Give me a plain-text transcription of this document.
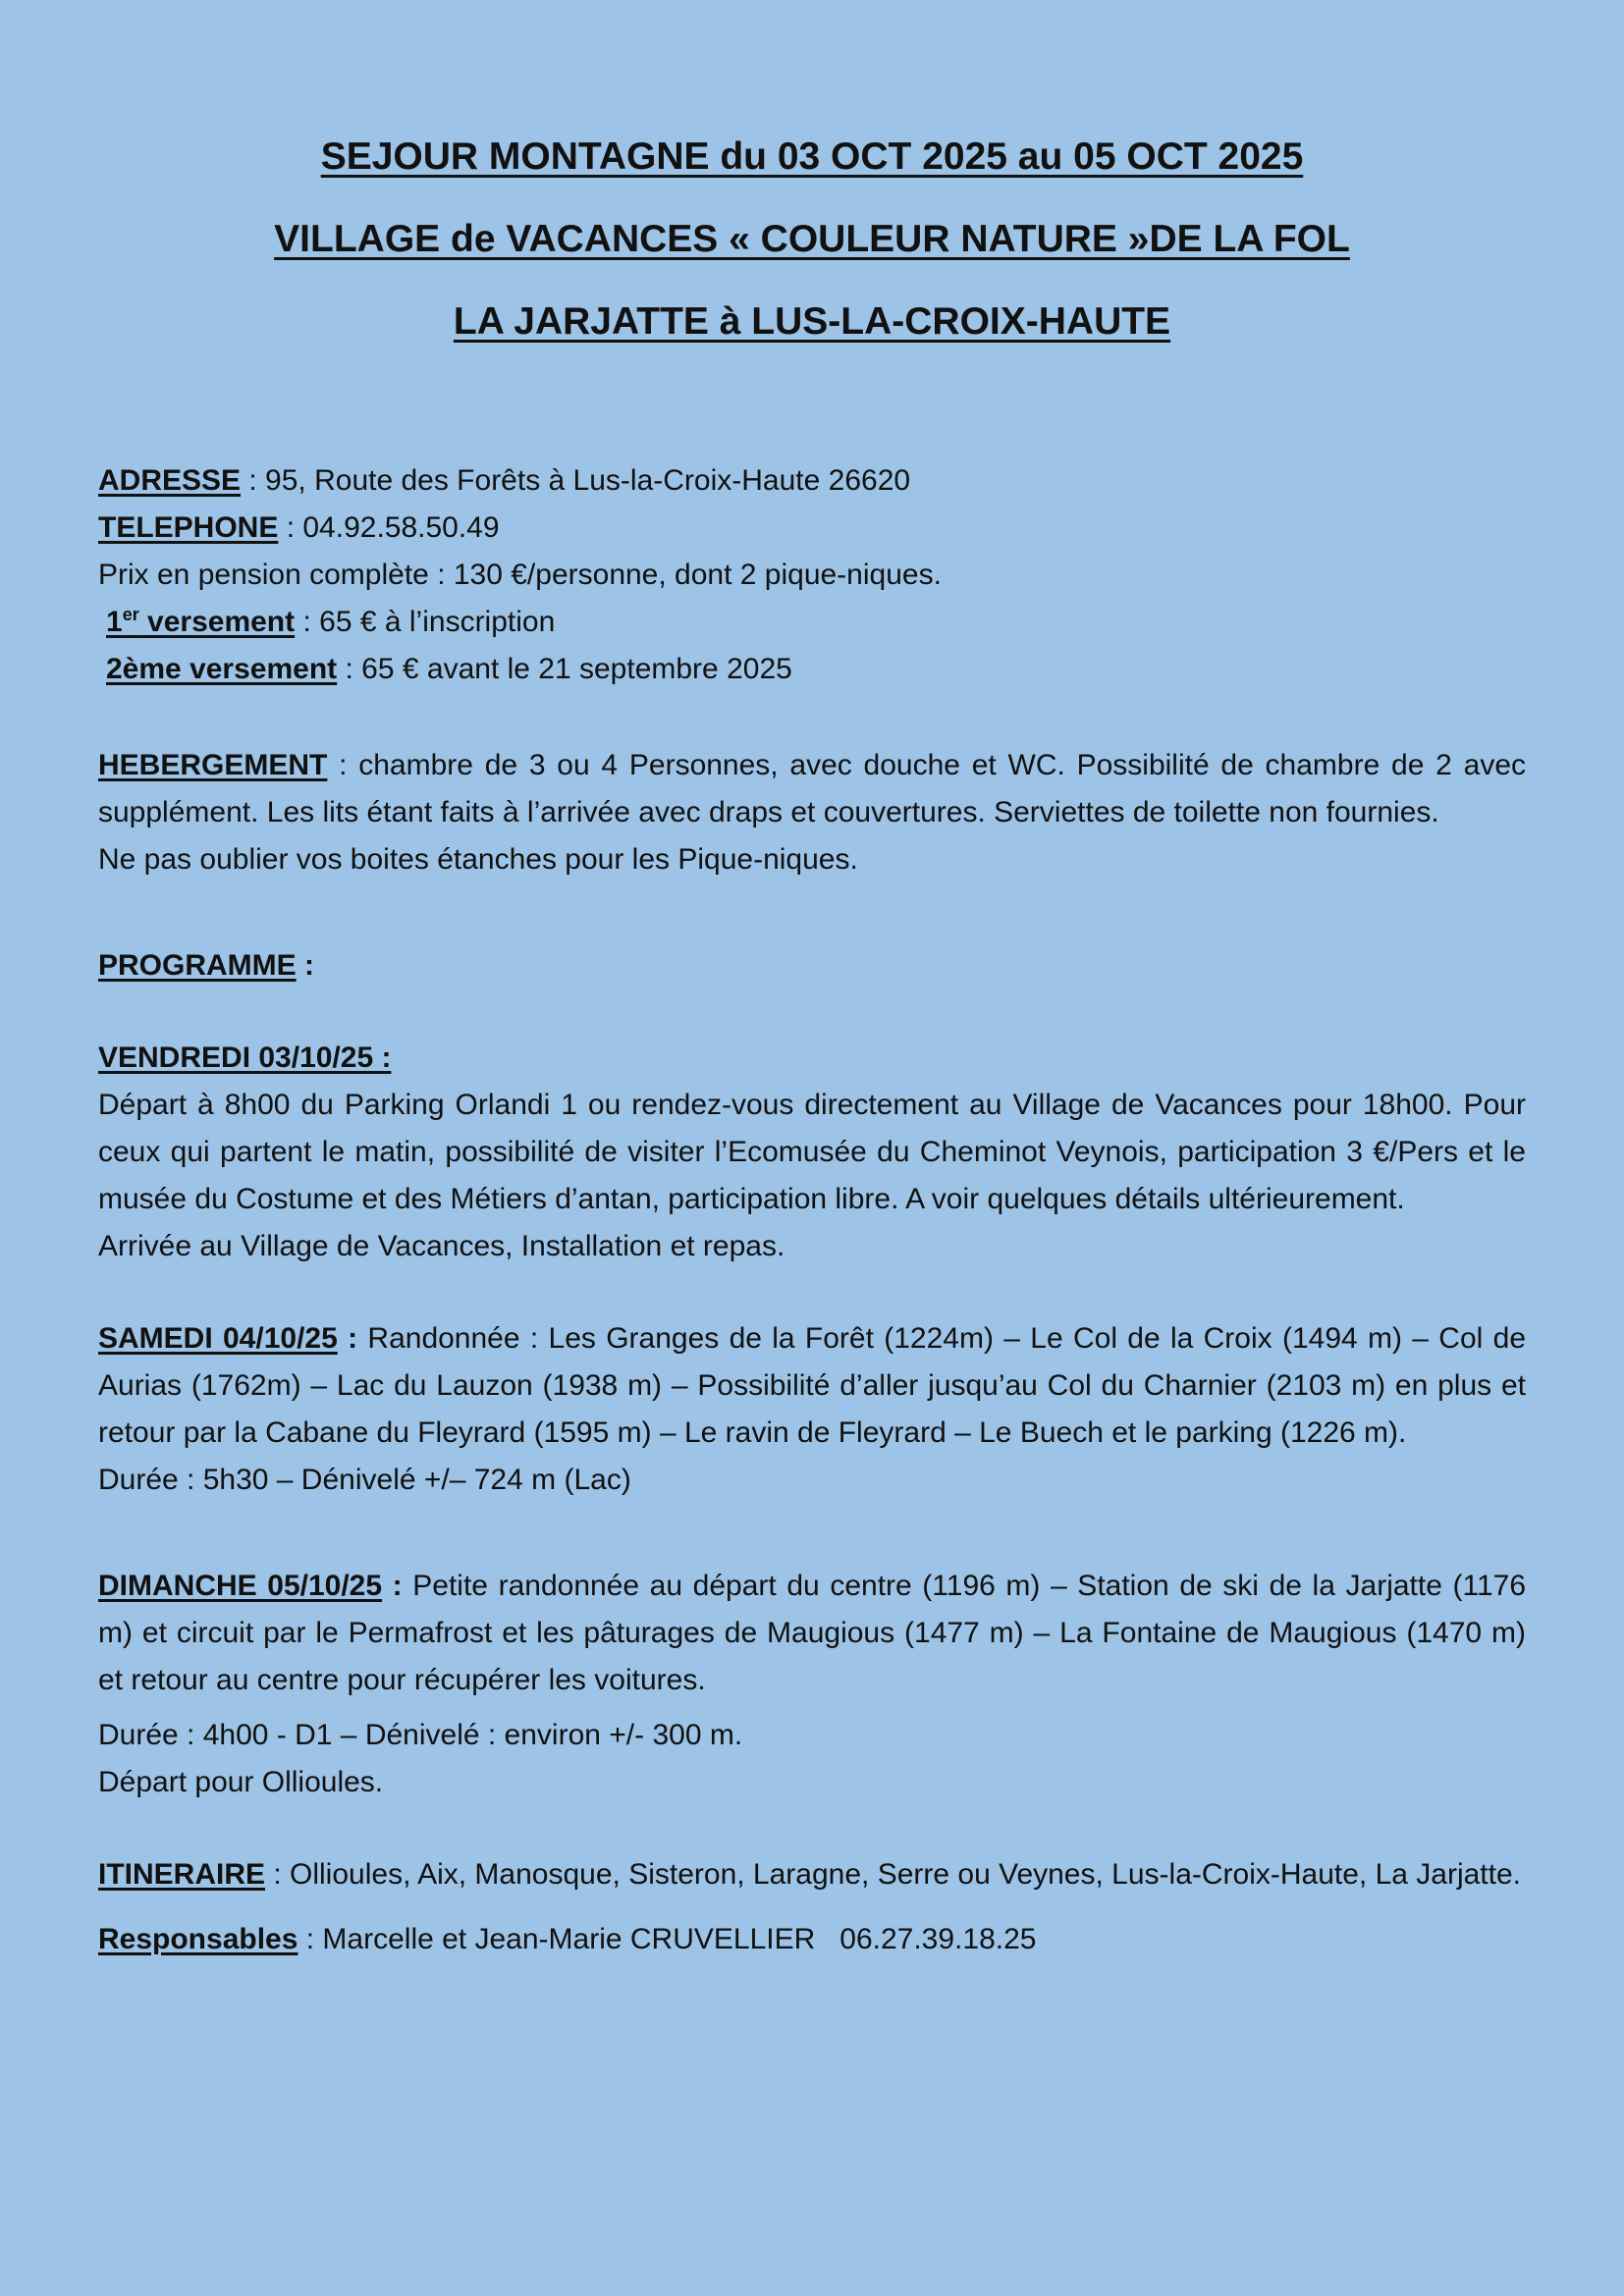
SEJOUR MONTAGNE du 03 OCT 2025 au 05 OCT 2025

VILLAGE de VACANCES « COULEUR NATURE »DE LA FOL

LA JARJATTE à LUS-LA-CROIX-HAUTE

ADRESSE : 95, Route des Forêts à Lus-la-Croix-Haute 26620

TELEPHONE : 04.92.58.50.49

Prix en pension complète : 130 €/personne, dont 2 pique-niques.

1er versement : 65 € à l’inscription

2ème versement : 65 € avant le 21 septembre 2025

HEBERGEMENT : chambre de 3 ou 4 Personnes, avec douche et WC. Possibilité de chambre de 2 avec supplément. Les lits étant faits à l’arrivée avec draps et couvertures. Serviettes de toilette non fournies.

Ne pas oublier vos boites étanches pour les Pique-niques.

PROGRAMME :

VENDREDI 03/10/25 :

Départ à 8h00 du Parking Orlandi 1 ou rendez-vous directement au Village de Vacances pour 18h00. Pour ceux qui partent le matin, possibilité de visiter l’Ecomusée du Cheminot Veynois, participation 3 €/Pers et le musée du Costume et des Métiers d’antan, participation libre. A voir quelques détails ultérieurement.

Arrivée au Village de Vacances, Installation et repas.

SAMEDI 04/10/25 : Randonnée : Les Granges de la Forêt (1224m) – Le Col de la Croix (1494 m) – Col de Aurias (1762m) – Lac du Lauzon (1938 m) – Possibilité d’aller jusqu’au Col du Charnier (2103 m) en plus et retour par la Cabane du Fleyrard (1595 m) – Le ravin de Fleyrard – Le Buech et le parking (1226 m).

Durée : 5h30 – Dénivelé +/– 724 m (Lac)

DIMANCHE 05/10/25 : Petite randonnée au départ du centre (1196 m) – Station de ski de la Jarjatte (1176 m) et circuit par le Permafrost et les pâturages de Maugious (1477 m) – La Fontaine de Maugious (1470 m) et retour au centre pour récupérer les voitures.

Durée : 4h00 - D1 – Dénivelé : environ +/- 300 m.

Départ pour Ollioules.

ITINERAIRE : Ollioules, Aix, Manosque, Sisteron, Laragne, Serre ou Veynes, Lus-la-Croix-Haute, La Jarjatte.

Responsables : Marcelle et Jean-Marie CRUVELLIER   06.27.39.18.25
